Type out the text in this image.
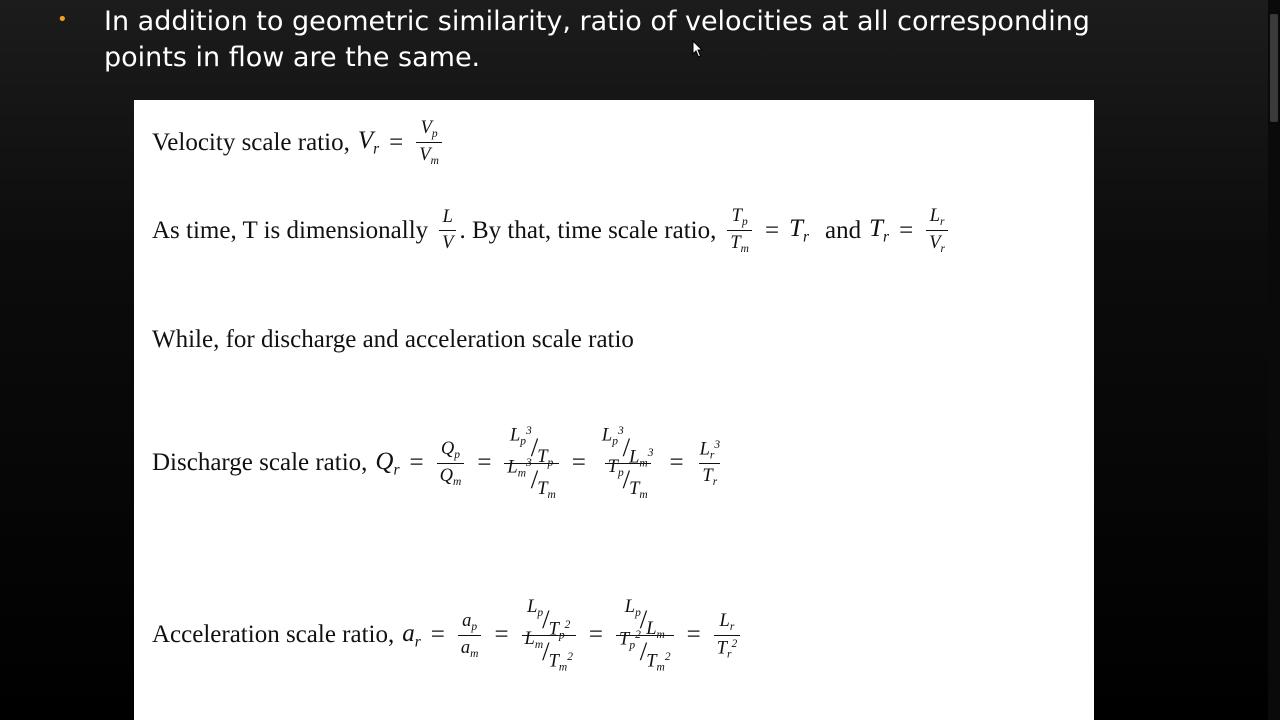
• In addition to geometric similarity, ratio of velocities at all corresponding
points in flow are the same.
Velocity scale ratio, $V_r = \frac{V_p}{V_m}$
As time, T is dimensionally $\frac{L}{V}$ . By that, time scale ratio, $\frac{T_p}{T_m} = T_r$ and $T_r = \frac{L_r}{V_r}$
While, for discharge and acceleration scale ratio
Discharge scale ratio, $Q_r = \frac{Q_p}{Q_m} = L_p^3$
/ $T_p$
$L_m^3$
/ $T_m = L_p^3$
/ $L_m^3$
$T_p / T_m = \frac{L_r^3}{T_r}$
Acceleration scale ratio, $a_r = \frac{a_p}{a_m} = \frac{L_p / T_p^2}{L_m / T_m^2} = L_p / L_m$
$T_p^2$
/ $T_m^2 = \frac{L_r}{T_r^2}$
